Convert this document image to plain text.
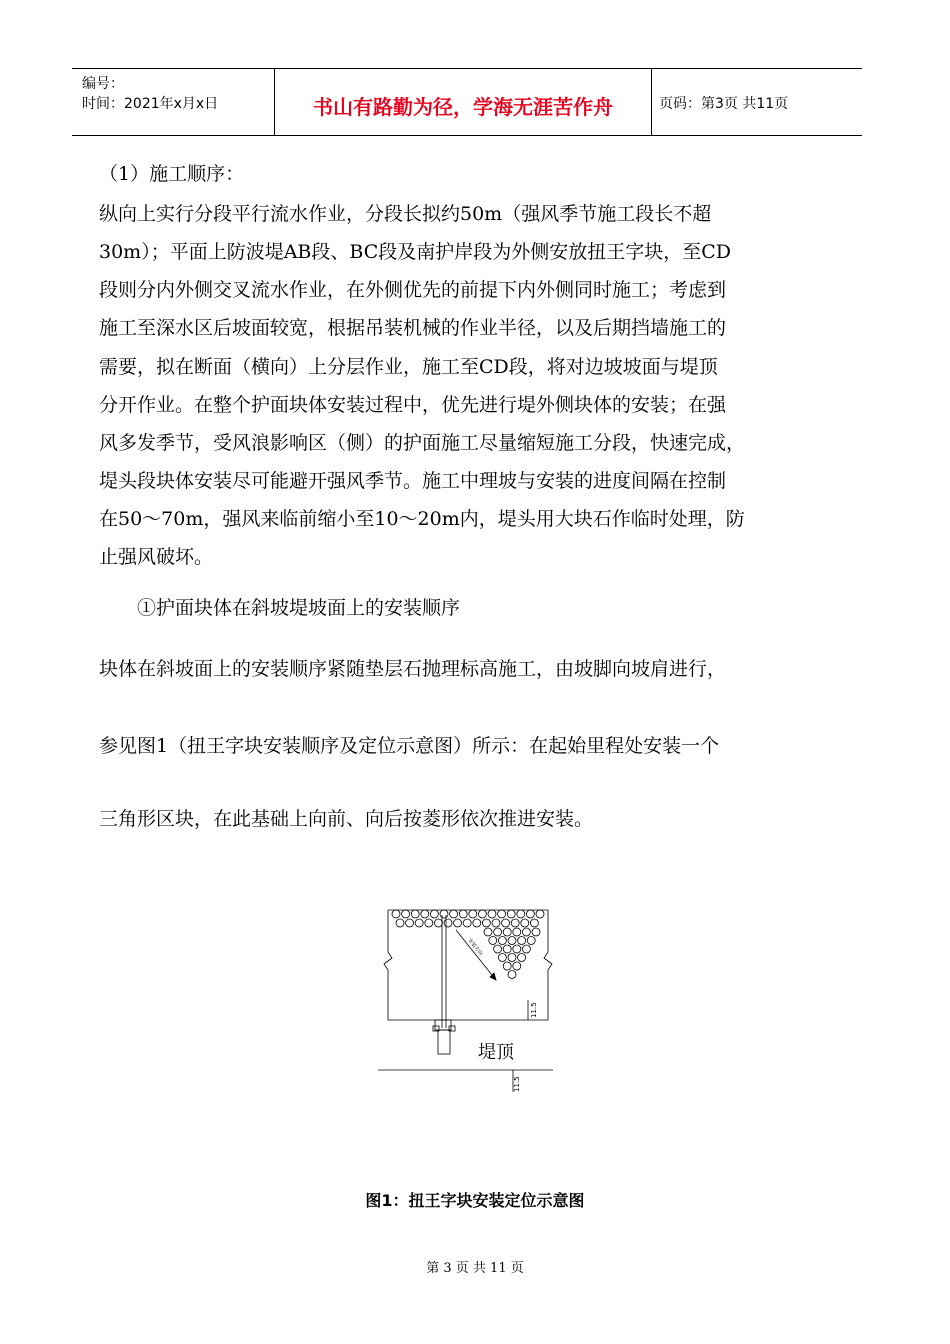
编号：
时间：2021年x月x日	书山有路勤为径，学海无涯苦作舟	页码：第3页 共11页
（1）施工顺序：
纵向上实行分段平行流水作业，分段长拟约50m（强风季节施工段长不超
30m）；平面上防波堤AB段、BC段及南护岸段为外侧安放扭王字块，至CD
段则分内外侧交叉流水作业，在外侧优先的前提下内外侧同时施工；考虑到
施工至深水区后坡面较宽，根据吊装机械的作业半径，以及后期挡墙施工的
需要，拟在断面（横向）上分层作业，施工至CD段，将对边坡坡面与堤顶
分开作业。在整个护面块体安装过程中，优先进行堤外侧块体的安装；在强
风多发季节，受风浪影响区（侧）的护面施工尽量缩短施工分段，快速完成，
堤头段块体安装尽可能避开强风季节。施工中理坡与安装的进度间隔在控制
在50～70m，强风来临前缩小至10～20m内，堤头用大块石作临时处理，防
止强风破坏。
①护面块体在斜坡堤坡面上的安装顺序
块体在斜坡面上的安装顺序紧随垫层石抛理标高施工，由坡脚向坡肩进行，
参见图1（扭王字块安装顺序及定位示意图）所示：在起始里程处安装一个
三角形区块，在此基础上向前、向后按菱形依次推进安装。
堤顶
11.5
11.5
安装方向
图1：扭王字块安装定位示意图
第 3 页 共 11 页
